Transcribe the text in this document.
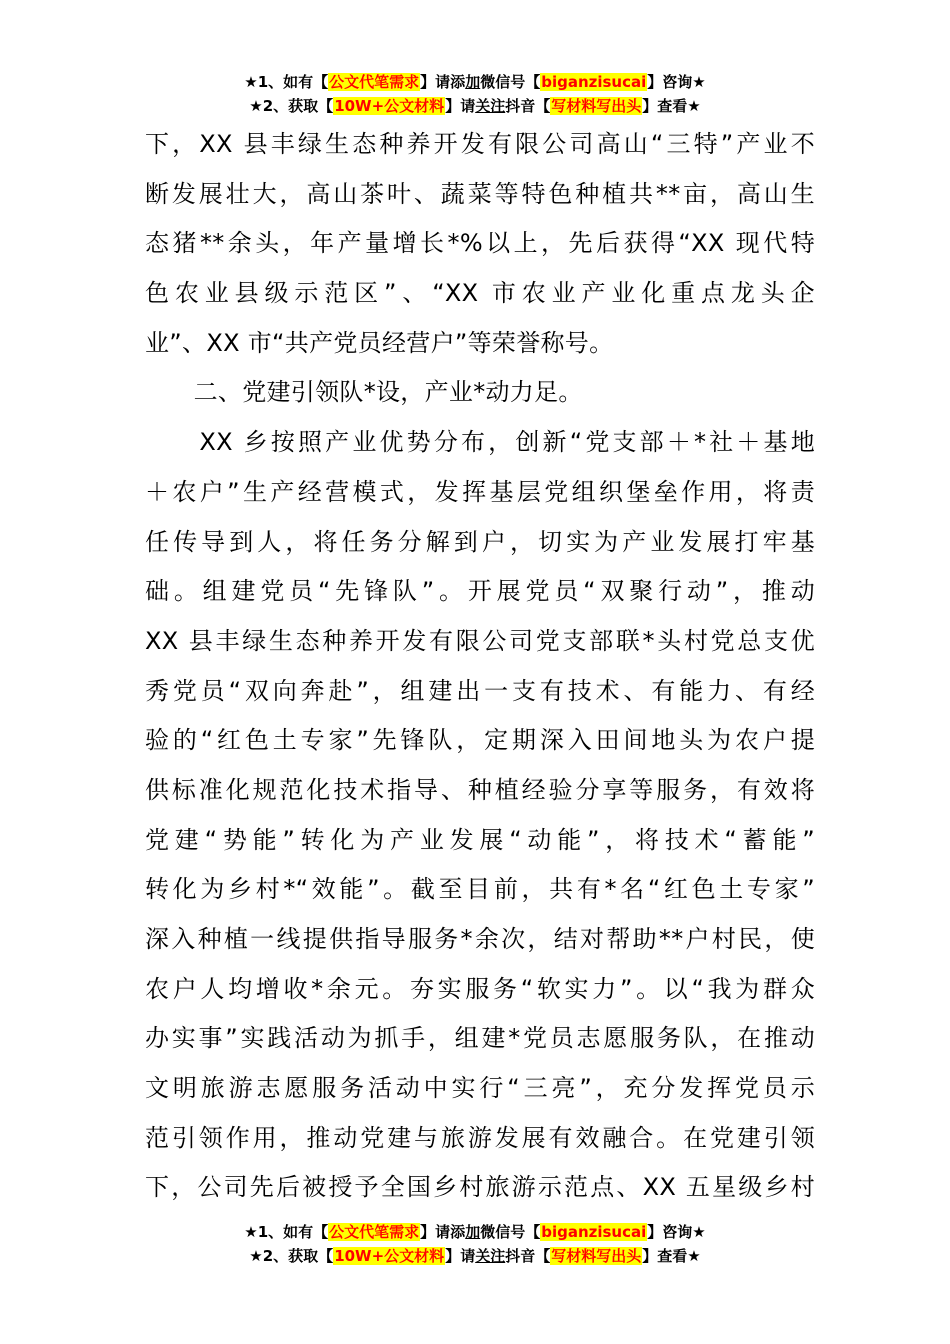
★1、如有【公文代笔需求】请添加微信号【biganzisucai】咨询★
★2、获取【10W+公文材料】请关注抖音【写材料写出头】查看★
下，XX 县丰绿生态种养开发有限公司高山“三特”产业不
断发展壮大，高山茶叶、蔬菜等特色种植共**亩，高山生
态猪**余头，年产量增长*%以上，先后获得“XX 现代特
色农业县级示范区”、“XX 市农业产业化重点龙头企
业”、XX 市“共产党员经营户”等荣誉称号。
　　二、党建引领队*设，产业*动力足。
　　XX 乡按照产业优势分布，创新“党支部＋*社＋基地
＋农户”生产经营模式，发挥基层党组织堡垒作用，将责
任传导到人，将任务分解到户，切实为产业发展打牢基
础。组建党员“先锋队”。开展党员“双聚行动”，推动
XX 县丰绿生态种养开发有限公司党支部联*头村党总支优
秀党员“双向奔赴”，组建出一支有技术、有能力、有经
验的“红色土专家”先锋队，定期深入田间地头为农户提
供标准化规范化技术指导、种植经验分享等服务，有效将
党建“势能”转化为产业发展“动能”，将技术“蓄能”
转化为乡村*“效能”。截至目前，共有*名“红色土专家”
深入种植一线提供指导服务*余次，结对帮助**户村民，使
农户人均增收*余元。夯实服务“软实力”。以“我为群众
办实事”实践活动为抓手，组建*党员志愿服务队，在推动
文明旅游志愿服务活动中实行“三亮”，充分发挥党员示
范引领作用，推动党建与旅游发展有效融合。在党建引领
下，公司先后被授予全国乡村旅游示范点、XX 五星级乡村
★1、如有【公文代笔需求】请添加微信号【biganzisucai】咨询★
★2、获取【10W+公文材料】请关注抖音【写材料写出头】查看★
